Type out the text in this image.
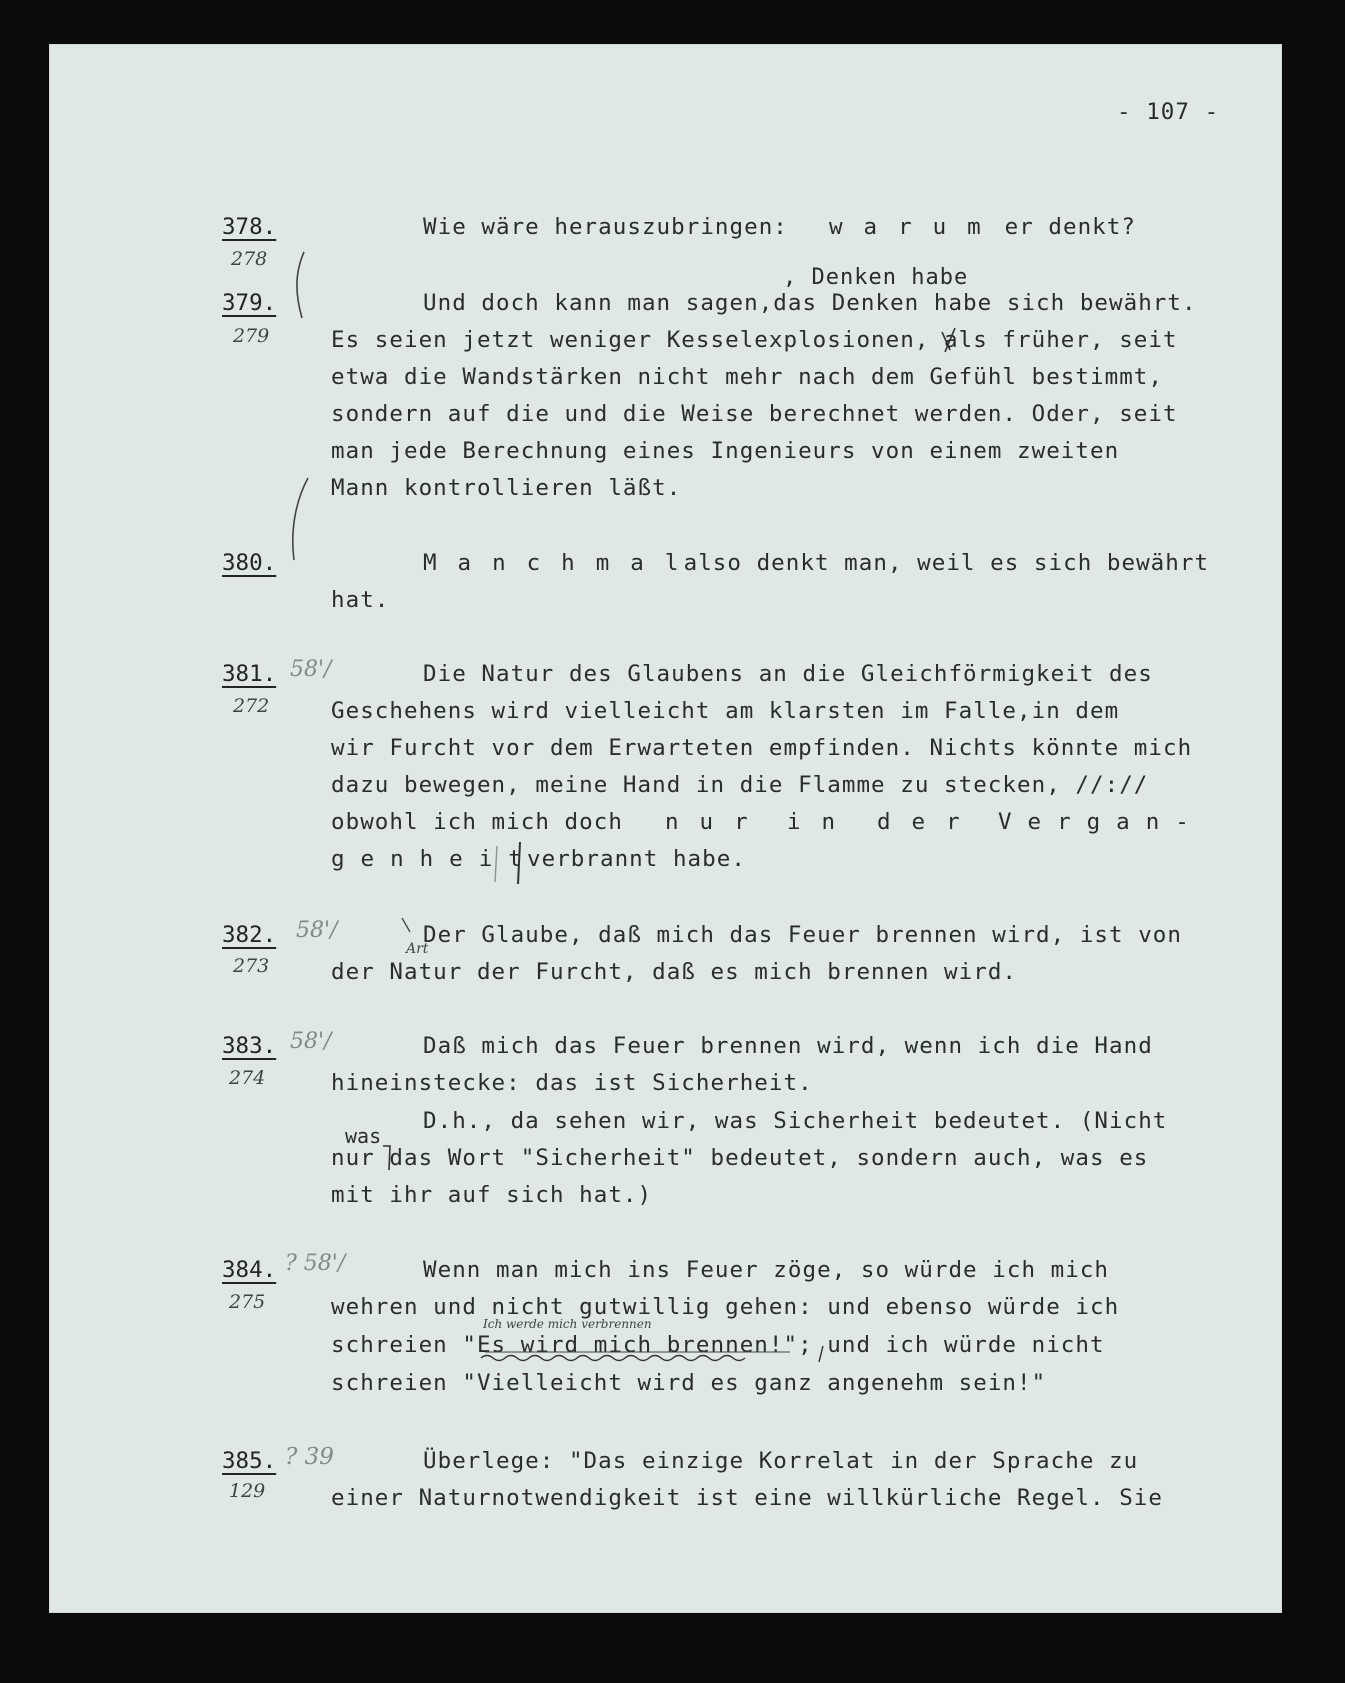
- 107 -
378.
278
Wie wäre herauszubringen: warum
er denkt?
, Denken habe
379.
279
Und doch kann man sagen,das Denken habe sich bewährt.
Es seien jetzt weniger Kesselexplosionen, als früher, seit
etwa die Wandstärken nicht mehr nach dem Gefühl bestimmt,
sondern auf die und die Weise berechnet werden. Oder, seit
man jede Berechnung eines Ingenieurs von einem zweiten
Mann kontrollieren läßt.
380.	Manchmal
also denkt man, weil es sich bewährt
hat.
381. 58'/
272
Die Natur des Glaubens an die Gleichförmigkeit des
Geschehens wird vielleicht am klarsten im Falle,in dem
wir Furcht vor dem Erwarteten empfinden. Nichts könnte mich
dazu bewegen, meine Hand in die Flamme zu stecken, //://
obwohl ich mich doch nur in der Vergan-
genheit
verbrannt habe.
382. 58'/
273
Art
Der Glaube, daß mich das Feuer brennen wird, ist von
der Natur der Furcht, daß es mich brennen wird.
383. 58'/
274
Daß mich das Feuer brennen wird, wenn ich die Hand
hineinstecke: das ist Sicherheit.
was
D.h., da sehen wir, was Sicherheit bedeutet. (Nicht
nur das Wort "Sicherheit" bedeutet, sondern auch, was es
mit ihr auf sich hat.)
384. ? 58'/
275
Wenn man mich ins Feuer zöge, so würde ich mich
wehren und nicht gutwillig gehen: und ebenso würde ich
Ich werde mich verbrennen
schreien "Es wird mich brennen!"; und ich würde nicht
schreien "Vielleicht wird es ganz angenehm sein!"
385. ? 39
129
Überlege: "Das einzige Korrelat in der Sprache zu
einer Naturnotwendigkeit ist eine willkürliche Regel. Sie
